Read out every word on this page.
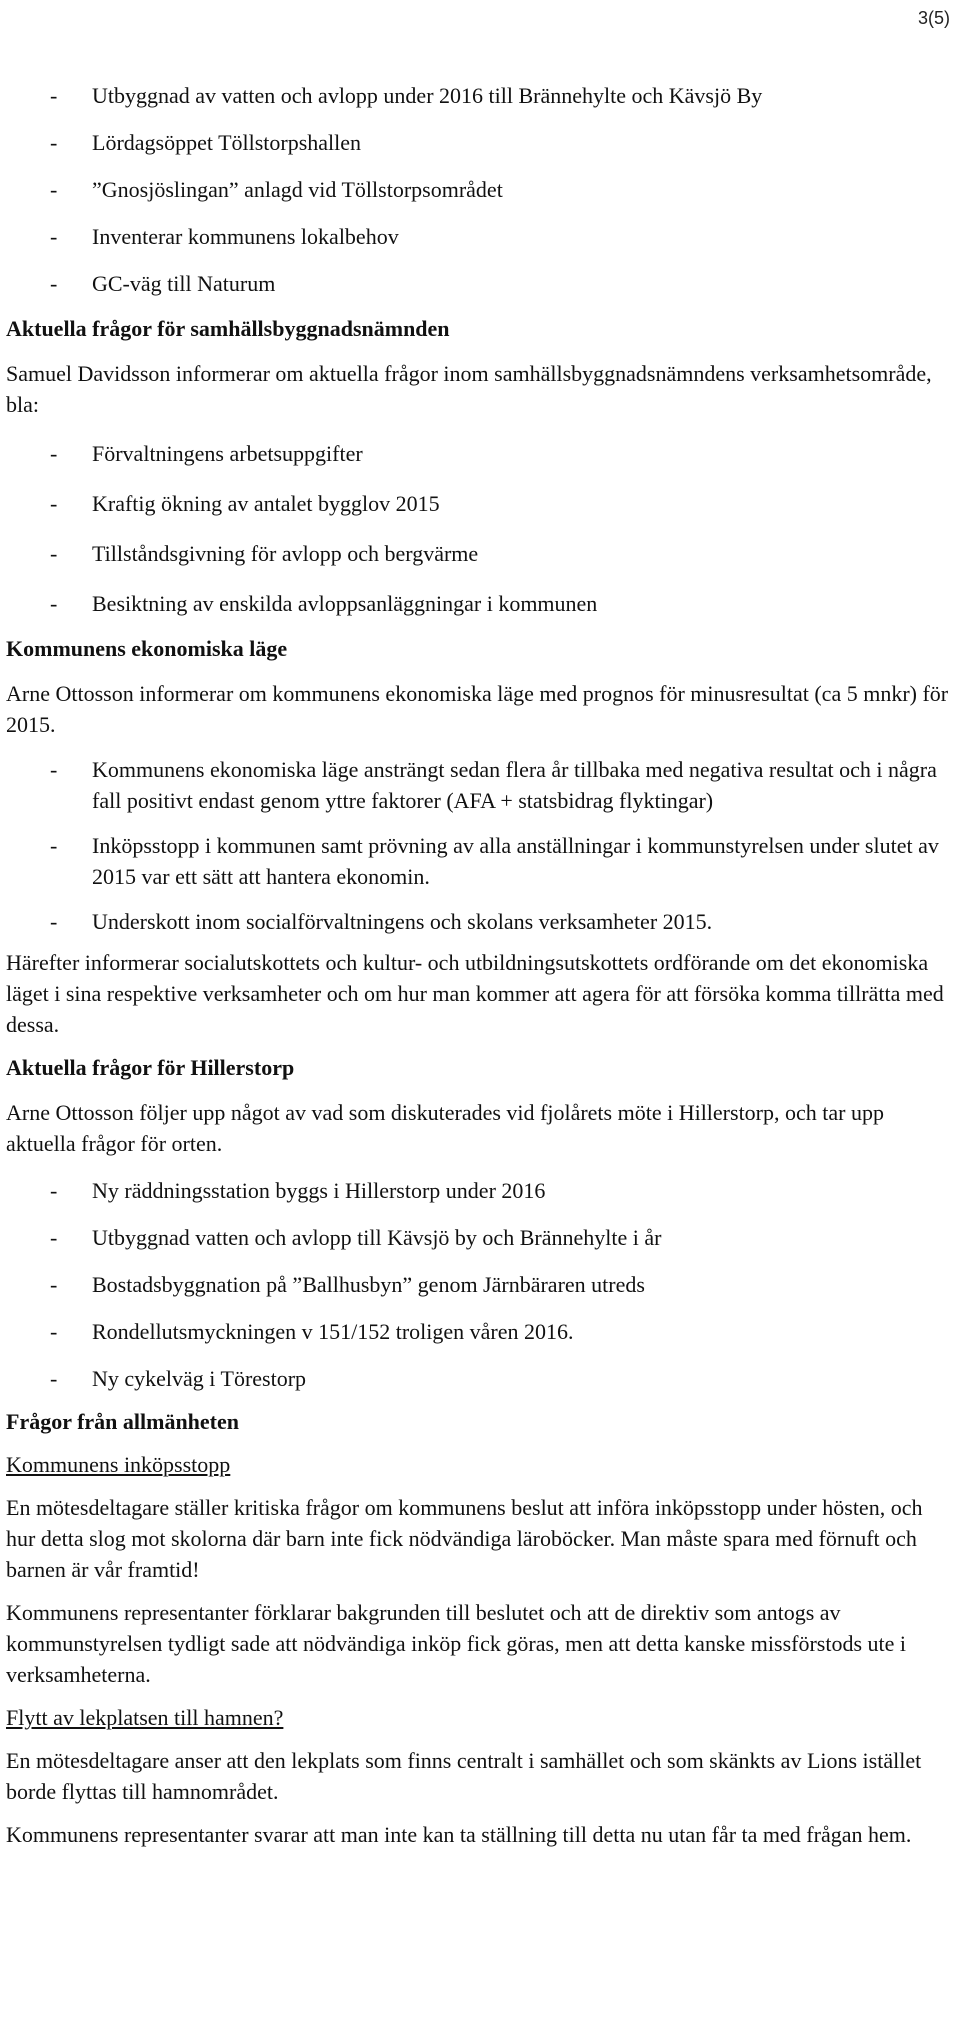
3(5)
-	Utbyggnad av vatten och avlopp under 2016 till Brännehylte och Kävsjö By
-	Lördagsöppet Töllstorpshallen
-	”Gnosjöslingan” anlagd vid Töllstorpsområdet
-	Inventerar kommunens lokalbehov
-	GC-väg till Naturum
Aktuella frågor för samhällsbyggnadsnämnden

Samuel Davidsson informerar om aktuella frågor inom samhällsbyggnadsnämndens verksamhetsområde, bla:

-	Förvaltningens arbetsuppgifter
-	Kraftig ökning av antalet bygglov 2015
-	Tillståndsgivning för avlopp och bergvärme
-	Besiktning av enskilda avloppsanläggningar i kommunen
Kommunens ekonomiska läge

Arne Ottosson informerar om kommunens ekonomiska läge med prognos för minusresultat (ca 5 mnkr) för 2015.

-	Kommunens ekonomiska läge ansträngt sedan flera år tillbaka med negativa resultat och i några fall positivt endast genom yttre faktorer (AFA + statsbidrag flyktingar)
-	Inköpsstopp i kommunen samt prövning av alla anställningar i kommunstyrelsen under slutet av 2015 var ett sätt att hantera ekonomin.
-	Underskott inom socialförvaltningens och skolans verksamheter 2015.

Härefter informerar socialutskottets och kultur- och utbildningsutskottets ordförande om det ekonomiska läget i sina respektive verksamheter och om hur man kommer att agera för att försöka komma tillrätta med dessa.

Aktuella frågor för Hillerstorp

Arne Ottosson följer upp något av vad som diskuterades vid fjolårets möte i Hillerstorp, och tar upp aktuella frågor för orten.

-	Ny räddningsstation byggs i Hillerstorp under 2016
-	Utbyggnad vatten och avlopp till Kävsjö by och Brännehylte i år
-	Bostadsbyggnation på ”Ballhusbyn” genom Järnbäraren utreds
-	Rondellutsmyckningen v 151/152 troligen våren 2016.
-	Ny cykelväg i Törestorp
Frågor från allmänheten

Kommunens inköpsstopp

En mötesdeltagare ställer kritiska frågor om kommunens beslut att införa inköpsstopp under hösten, och hur detta slog mot skolorna där barn inte fick nödvändiga läroböcker. Man måste spara med förnuft och barnen är vår framtid!

Kommunens representanter förklarar bakgrunden till beslutet och att de direktiv som antogs av kommunstyrelsen tydligt sade att nödvändiga inköp fick göras, men att detta kanske missförstods ute i verksamheterna.

Flytt av lekplatsen till hamnen?

En mötesdeltagare anser att den lekplats som finns centralt i samhället och som skänkts av Lions istället borde flyttas till hamnområdet.

Kommunens representanter svarar att man inte kan ta ställning till detta nu utan får ta med frågan hem.
